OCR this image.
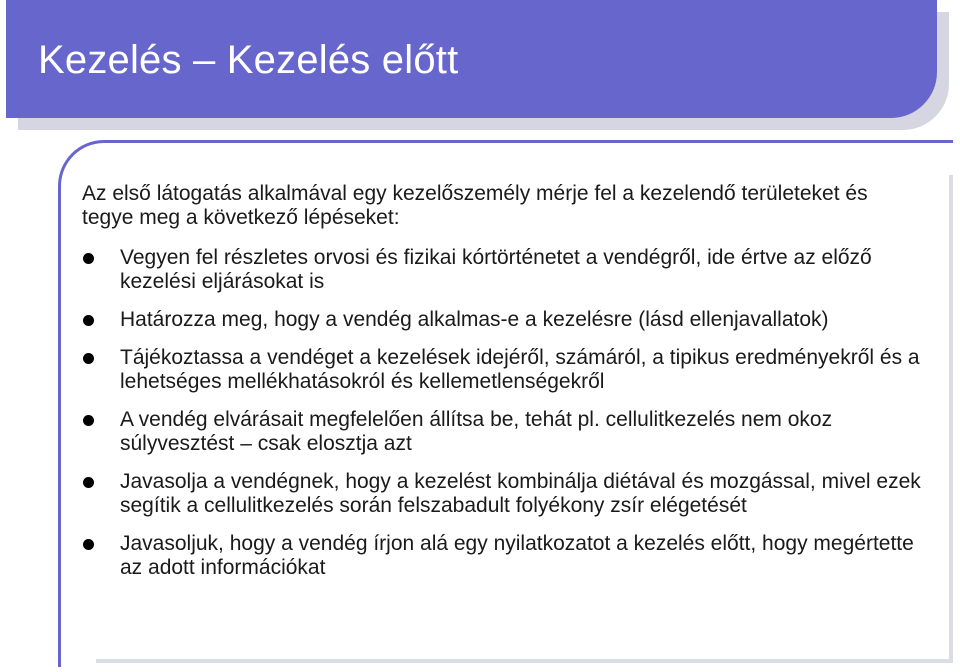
Kezelés – Kezelés előtt

Az első látogatás alkalmával egy kezelőszemély mérje fel a kezelendő területeket és tegye meg a következő lépéseket:

Vegyen fel részletes orvosi és fizikai kórtörténetet a vendégről, ide értve az előző kezelési eljárásokat is
Határozza meg, hogy a vendég alkalmas-e a kezelésre (lásd ellenjavallatok)
Tájékoztassa a vendéget a kezelések idejéről, számáról, a tipikus eredményekről és a lehetséges mellékhatásokról és kellemetlenségekről
A vendég elvárásait megfelelően állítsa be, tehát pl. cellulitkezelés nem okoz súlyvesztést – csak elosztja azt
Javasolja a vendégnek, hogy a kezelést kombinálja diétával és mozgással, mivel ezek segítik a cellulitkezelés során felszabadult folyékony zsír elégetését
Javasoljuk, hogy a vendég írjon alá egy nyilatkozatot a kezelés előtt, hogy megértette az adott információkat
